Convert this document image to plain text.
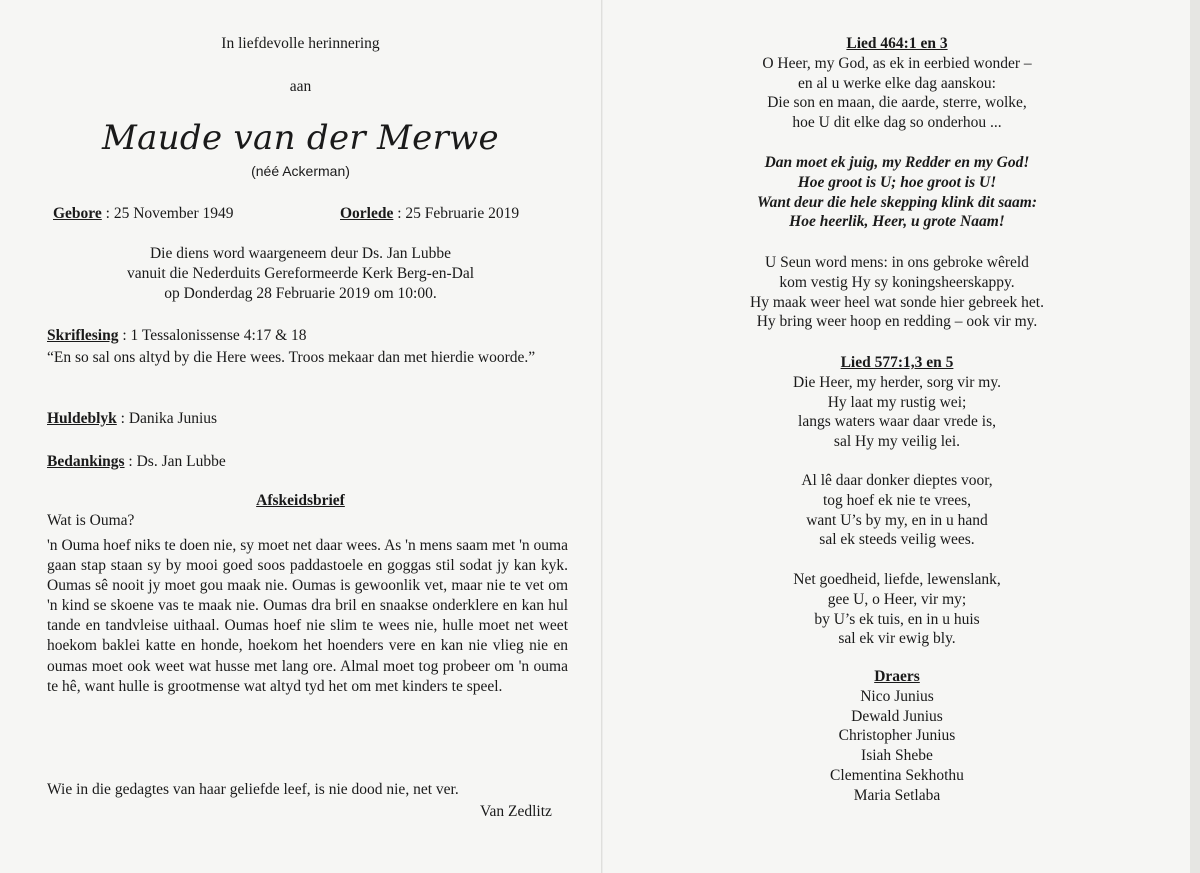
In liefdevolle herinnering
aan
Maude van der Merwe
(néé Ackerman)
Gebore : 25 November 1949	Oorlede : 25 Februarie 2019

Die diens word waargeneem deur Ds. Jan Lubbe

vanuit die Nederduits Gereformeerde Kerk Berg-en-Dal

op Donderdag 28 Februarie 2019 om 10:00.

Skriflesing : 1 Tessalonissense 4:17 & 18
“En so sal ons altyd by die Here wees. Troos mekaar dan met hierdie woorde.”
Huldeblyk : Danika Junius
Bedankings : Ds. Jan Lubbe
Afskeidsbrief
Wat is Ouma?
'n Ouma hoef niks te doen nie, sy moet net daar wees. As 'n mens saam met 'n ouma gaan stap staan sy by mooi goed soos paddastoele en goggas stil sodat jy kan kyk. Oumas sê nooit jy moet gou maak nie. Oumas is gewoonlik vet, maar nie te vet om 'n kind se skoene vas te maak nie. Oumas dra bril en snaakse onderklere en kan hul tande en tandvleise uithaal. Oumas hoef nie slim te wees nie, hulle moet net weet hoekom baklei katte en honde, hoekom het hoenders vere en kan nie vlieg nie en oumas moet ook weet wat husse met lang ore. Almal moet tog probeer om 'n ouma te hê, want hulle is grootmense wat altyd tyd het om met kinders te speel.
Wie in die gedagtes van haar geliefde leef, is nie dood nie, net ver.
Van Zedlitz
Lied 464:1 en 3
O Heer, my God, as ek in eerbied wonder –
en al u werke elke dag aanskou:
Die son en maan, die aarde, sterre, wolke,
hoe U dit elke dag so onderhou ...
Dan moet ek juig, my Redder en my God!
Hoe groot is U; hoe groot is U!
Want deur die hele skepping klink dit saam:
Hoe heerlik, Heer, u grote Naam!
U Seun word mens: in ons gebroke wêreld
kom vestig Hy sy koningsheerskappy.
Hy maak weer heel wat sonde hier gebreek het.
Hy bring weer hoop en redding – ook vir my.
Lied 577:1,3 en 5
Die Heer, my herder, sorg vir my.
Hy laat my rustig wei;
langs waters waar daar vrede is,
sal Hy my veilig lei.
Al lê daar donker dieptes voor,
tog hoef ek nie te vrees,
want U’s by my, en in u hand
sal ek steeds veilig wees.
Net goedheid, liefde, lewenslank,
gee U, o Heer, vir my;
by U’s ek tuis, en in u huis
sal ek vir ewig bly.
Draers
Nico Junius
Dewald Junius
Christopher Junius
Isiah Shebe
Clementina Sekhothu
Maria Setlaba
